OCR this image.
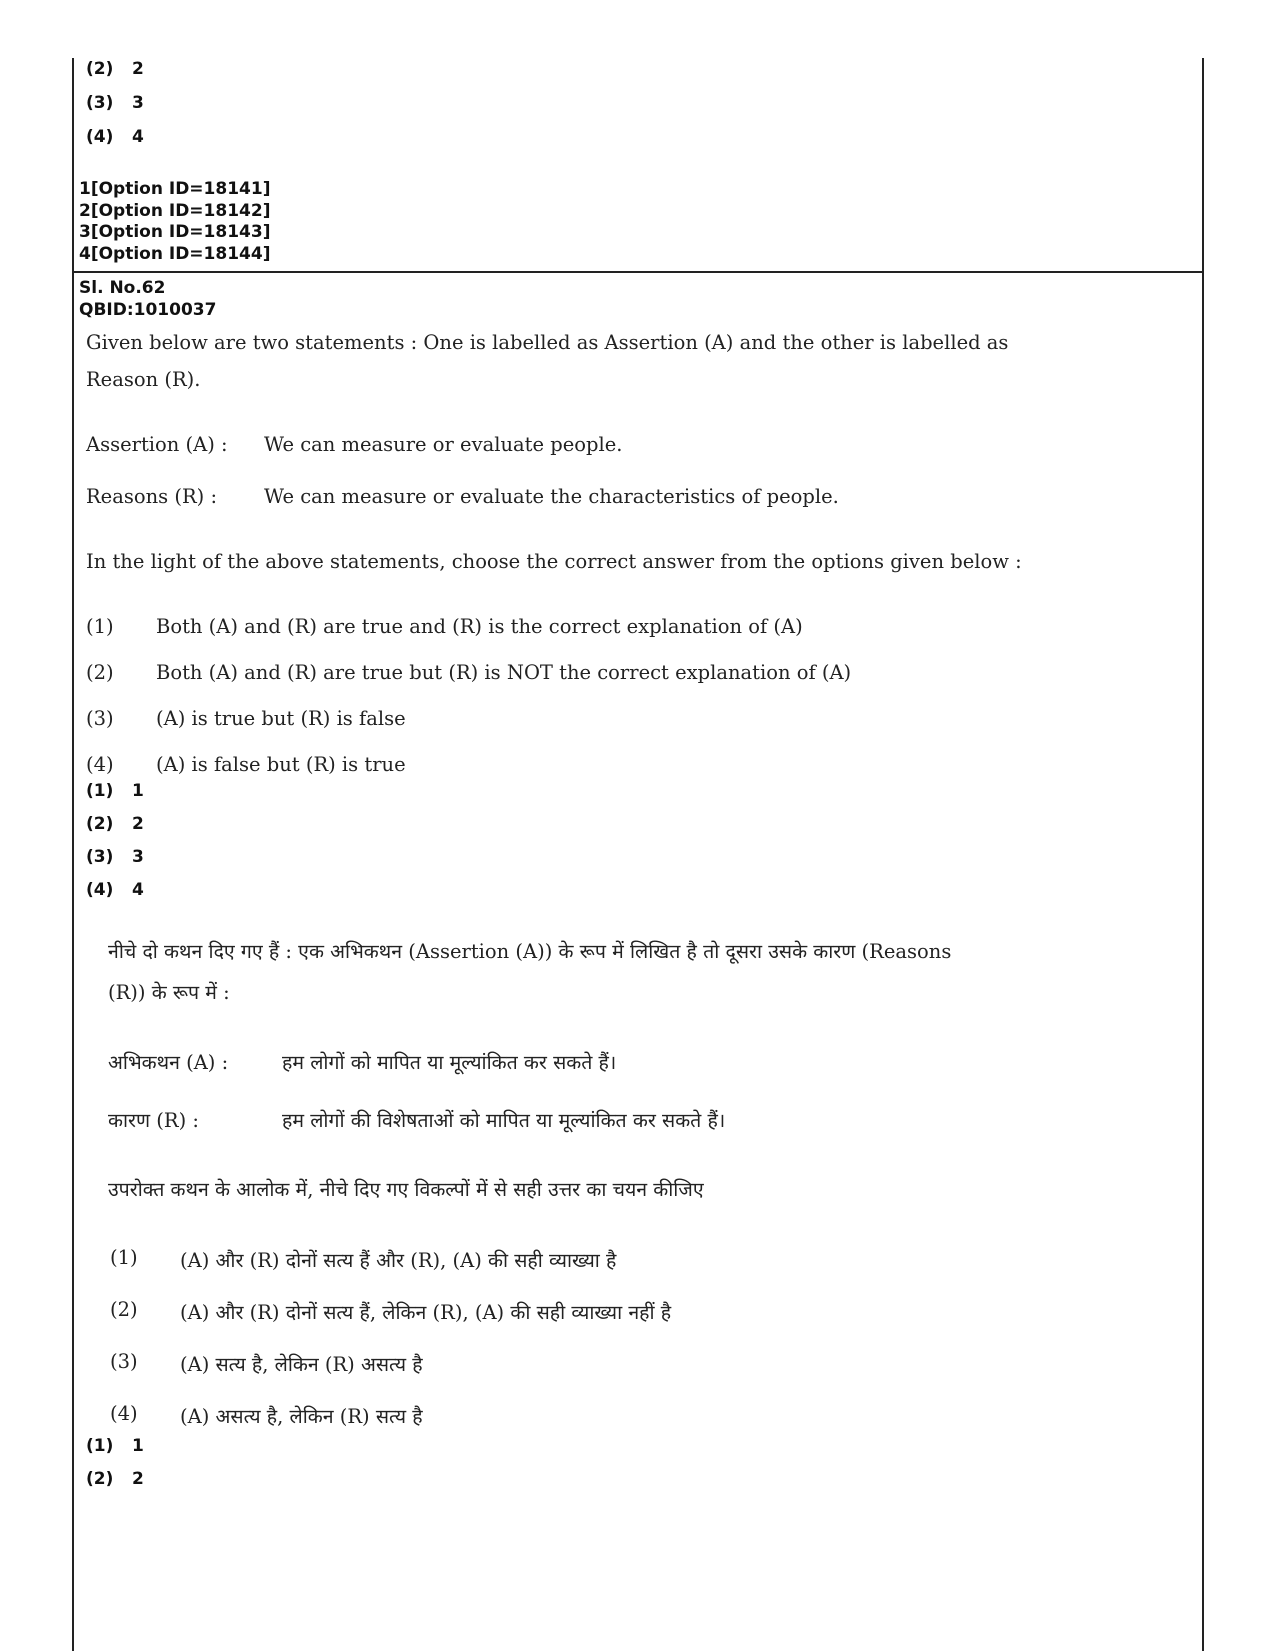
(2) 2
(3) 3
(4) 4
1[Option ID=18141]
2[Option ID=18142]
3[Option ID=18143]
4[Option ID=18144]
Sl. No.62
QBID:1010037
Given below are two statements : One is labelled as Assertion (A) and the other is labelled as
Reason (R).
Assertion (A) : We can measure or evaluate people.
Reasons (R) : We can measure or evaluate the characteristics of people.
In the light of the above statements, choose the correct answer from the options given below :
(1) Both (A) and (R) are true and (R) is the correct explanation of (A)
(2) Both (A) and (R) are true but (R) is NOT the correct explanation of (A)
(3) (A) is true but (R) is false
(4) (A) is false but (R) is true
(1) 1
(2) 2
(3) 3
(4) 4
नीचे दो कथन दिए गए हैं : एक अभिकथन (Assertion (A)) के रूप में लिखित है तो दूसरा उसके कारण (Reasons
(R)) के रूप में :
अभिकथन (A) :	हम लोगों को मापित या मूल्यांकित कर सकते हैं।
कारण (R) :	हम लोगों की विशेषताओं को मापित या मूल्यांकित कर सकते हैं।
उपरोक्त कथन के आलोक में, नीचे दिए गए विकल्पों में से सही उत्तर का चयन कीजिए
(1) (A) और (R) दोनों सत्य हैं और (R), (A) की सही व्याख्या है
(2) (A) और (R) दोनों सत्य हैं, लेकिन (R), (A) की सही व्याख्या नहीं है
(3) (A) सत्य है, लेकिन (R) असत्य है
(4) (A) असत्य है, लेकिन (R) सत्य है
(1) 1
(2) 2
